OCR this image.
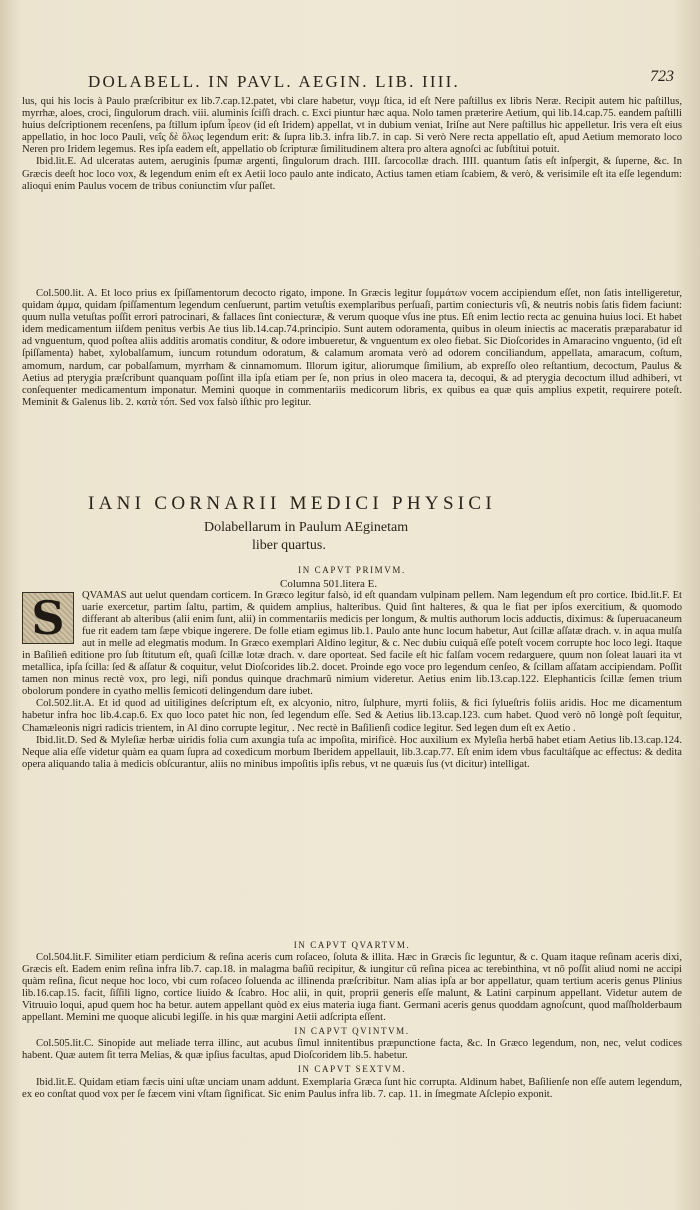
DOLABELL. IN PAVL. AEGIN. LIB. IIII.	723

lus, qui his locis à Paulo præſcribitur ex lib.7.cap.12.patet, vbi clare habetur, νυγμ ſtica, id eſt Nere paſtillus ex libris Neræ. Recipit autem hic paſtillus, myrrhæ, aloes, croci, ſingulorum drach. viii. aluminis ſciſſi drach. c. Exci piuntur hæc aqua. Nolo tamen præterire Aetium, qui lib.14.cap.75. eandem paſtilli huius deſcriptionem recenſens, pa ſtillum ipſum ἶρεον (id eſt Iridem) appellat, vt in dubium veniat, Iriſne aut Nere paſtillus hic appelletur. Iris vera eſt eius appellatio, in hoc loco Pauli, νεΐς δὲ ὄλως legendum erit: & ſupra lib.3. infra lib.7. in cap. Si verò Nere recta appellatio eſt, apud Aetium memorato loco Neren pro Iridem legemus. Res ipſa eadem eſt, appellatio ob ſcripturæ ſimilitudinem altera pro altera agnoſci ac ſubſtitui potuit.

Ibid.lit.E. Ad ulceratas autem, aeruginis ſpumæ argenti, ſingulorum drach. IIII. ſarcocollæ drach. IIII. quantum ſatis eſt inſpergit, & ſuperne, &c. In Græcis deeſt hoc loco vox, & legendum enim eſt ex Aetii loco paulo ante indicato, Actius tamen etiam ſcabiem, & verò, & verisimile eſt ita eſſe legendum: alioqui enim Paulus vocem de tribus coniunctim vſur paſſet.

Col.500.lit. A. Et loco prius ex ſpiſſamentorum decocto rigato, impone. In Græcis legitur ſυμμάτων vocem accipiendum eſſet, non ſatis intelligeretur, quidam ἀμμα, quidam ſpiſſamentum legendum cenſuerunt, partim vetuſtis exemplaribus perſuaſi, partim coniecturis vſi, & neutris nobis ſatis fidem faciunt: quum nulla vetuſtas poſſit errori patrocinari, & fallaces ſint coniecturæ, & verum quoque vſus ine ptus. Eſt enim lectio recta ac genuina huius loci. Et habet idem medicamentum iiſdem penitus verbis Ae tius lib.14.cap.74.principio. Sunt autem odoramenta, quibus in oleum iniectis ac maceratis præparabatur id ad vnguentum, quod poſtea aliis additis aromatis conditur, & odore imbueretur, & vnguentum ex oleo fiebat. Sic Dioſcorides in Amaracino vnguento, (id eſt ſpiſſamenta) habet, xylobalſamum, iuncum rotundum odoratum, & calamum aromata verò ad odorem conciliandum, appellata, amaracum, coſtum, amomum, nardum, car pobalſamum, myrrham & cinnamomum. Illorum igitur, aliorumque ſimilium, ab expreſſo oleo reſtantium, decoctum, Paulus & Aetius ad pterygia præſcribunt quanquam poſſint illa ipſa etiam per ſe, non prius in oleo macera ta, decoqui, & ad pterygia decoctum illud adhiberi, vt conſequenter medicamentum imponatur. Memini quoque in commentariis medicorum libris, ex quibus ea quæ quis amplius expetit, requirere poteſt. Meminit & Galenus lib. 2. κατὰ τόπ. Sed vox falsò iſthic pro legitur.

IANI CORNARII MEDICI PHYSICI
Dolabellarum in Paulum AEginetam
liber quartus.
IN CAPVT PRIMVM.
Columna 501.litera E.
S	QVAMAS aut uelut quendam corticem. In Græco legitur falsò, id eſt quandam vulpinam pellem. Nam legendum eſt pro cortice. Ibid.lit.F. Et uarie exercetur, partim ſaltu, partim, & quidem amplius, halteribus. Quid ſint halteres, & qua le fiat per ipſos exercitium, & quomodo differant ab alteribus (alii enim ſunt, alii) in commentariis medicis per longum, & multis authorum locis adductis, diximus: & ſuperuacaneum fue rit eadem tam ſæpe vbique ingerere. De folle etiam egimus lib.1. Paulo ante hunc locum habetur, Aut ſcillæ aſſatæ drach. v. in aqua mulſa aut in melle ad elegmatis modum. In Græco exemplari Aldino legitur, & c. Nec dubiu cuiquã eſſe poteſt vocem corrupte hoc loco legi. Itaque in Baſilieñ editione pro ſub ſtitutum eſt, quaſi ſcillæ lotæ drach. v. dare oporteat. Sed facile eſt hic falſam vocem redarguere, quum non ſoleat lauari ita vt metallica, ipſa ſcilla: ſed & aſſatur & coquitur, velut Dioſcorides lib.2. docet. Proinde ego voce pro legendum cenſeo, & ſcillam aſſatam accipiendam. Poſſit tamen non minus rectè vox, pro legi, niſi pondus quinque drachmarũ nimium videretur. Aetius enim lib.13.cap.122. Elephanticis ſcillæ ſemen trium obolorum pondere in cyatho mellis ſemicoti delingendum dare iubet.

Col.502.lit.A. Et id quod ad uitiligines deſcriptum eſt, ex alcyonio, nitro, ſulphure, myrti foliis, & fici ſylueſtris foliis aridis. Hoc me dicamentum habetur infra hoc lib.4.cap.6. Ex quo loco patet hic non, ſed legendum eſſe. Sed & Aetius lib.13.cap.123. cum habet. Quod verò nõ longè poſt ſequitur, Chamæleonis nigri radicis trientem, in Al dino corrupte legitur, . Nec rectè in Baſilienſi codice legitur. Sed legen dum eſt ex Aetio .

Ibid.lit.D. Sed & Myleſiæ herbæ uiridis folia cum axungia tuſa ac impoſita, mirificè. Hoc auxilium ex Myleſia herbã habet etiam Aetius lib.13.cap.124. Neque alia eſſe videtur quàm ea quam ſupra ad coxedicum morbum Iberidem appellauit, lib.3.cap.77. Eſt enim idem vbus facultáſque ac effectus: & dedita opera aliquando talia à medicis obſcurantur, aliis no minibus impoſitis ipſis rebus, vt ne quæuis ſus (vt dicitur) intelligat.

IN CAPVT QVARTVM.

Col.504.lit.F. Similiter etiam perdicium & reſina aceris cum roſaceo, ſoluta & illita. Hæc in Græcis ſic leguntur, & c. Quam itaque reſinam aceris dixi, Græcis eſt. Eadem enim reſina infra lib.7. cap.18. in malagma baſiũ recipitur, & iungitur cũ reſina picea ac terebinthina, vt nõ poſſit aliud nomi ne accipi quàm reſina, ſicut neque hoc loco, vbi cum roſaceo ſoluenda ac illinenda præſcribitur. Nam alias ipſa ar bor appellatur, quam tertium aceris genus Plinius lib.16.cap.15. facit, ſiſſili ligno, cortice liuido & ſcabro. Hoc alii, in quit, proprii generis eſſe malunt, & Latini carpinum appellant. Videtur autem de Vitruuio loqui, apud quem hoc ha betur. autem appellant quòd ex eius materia iuga fiant. Germani aceris genus quoddam agnoſcunt, quod maſſholderbaum appellant. Memini me quoque alicubi legiſſe. in his quæ margini Aetii adſcripta eſſent.

IN CAPVT QVINTVM.

Col.505.lit.C. Sinopide aut meliade terra illinc, aut acubus ſimul innitentibus præpunctione facta, &c. In Græco legendum, non, nec, velut codices habent. Quæ autem ſit terra Melias, & quæ ipſius facultas, apud Dioſcoridem lib.5. habetur.

IN CAPVT SEXTVM.

Ibid.lit.E. Quidam etiam fæcis uini uſtæ unciam unam addunt. Exemplaria Græca ſunt hic corrupta. Aldinum habet, Baſilienſe non eſſe autem legendum, ex eo conſtat quod vox per ſe fæcem vini vſtam ſignificat. Sic enim Paulus infra lib. 7. cap. 11. in ſmegmate Aſclepio exponit.
